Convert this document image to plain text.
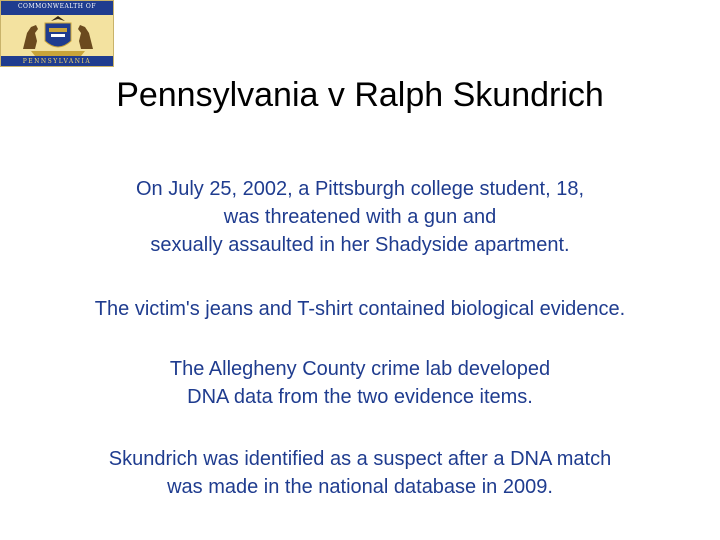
COMMONWEALTH OF
PENNSYLVANIA
Pennsylvania v Ralph Skundrich

On July 25, 2002, a Pittsburgh college student, 18,
was threatened with a gun and
sexually assaulted in her Shadyside apartment.

The victim's jeans and T-shirt contained biological evidence.

The Allegheny County crime lab developed
DNA data from the two evidence items.

Skundrich was identified as a suspect after a DNA match
was made in the national database in 2009.
